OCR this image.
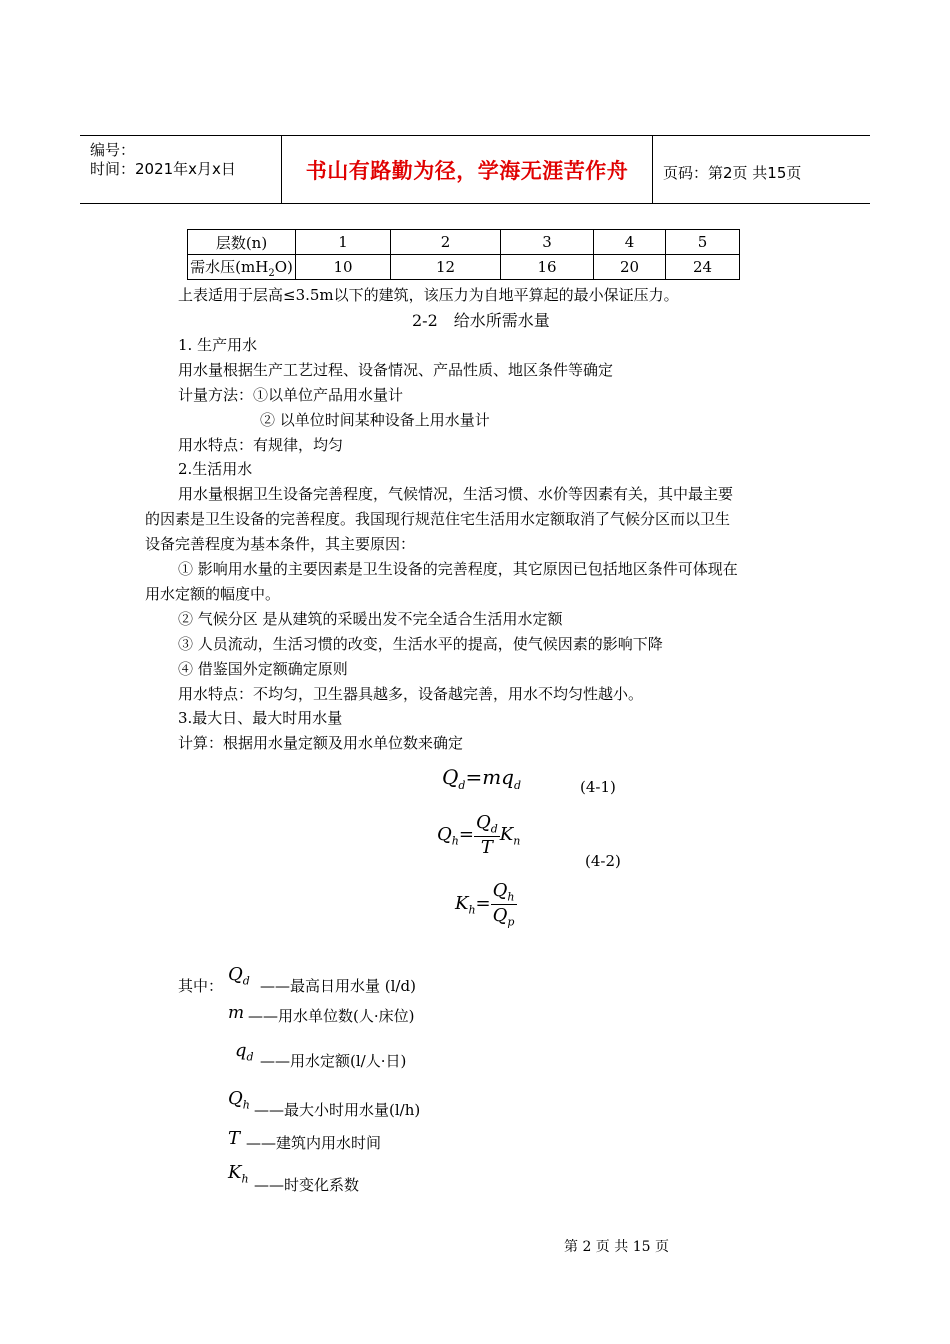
编号：
时间：2021年x月x日	书山有路勤为径，学海无涯苦作舟	页码：第2页 共15页
层数(n)	1	2	3	4	5
需水压$(mH_2O)$	10	12	16	20	24
上表适用于层高≤3.5m以下的建筑，该压力为自地平算起的最小保证压力。
2-2　给水所需水量
1. 生产用水
用水量根据生产工艺过程、设备情况、产品性质、地区条件等确定
计量方法：①以单位产品用水量计
② 以单位时间某种设备上用水量计
用水特点：有规律，均匀
2.生活用水
用水量根据卫生设备完善程度，气候情况，生活习惯、水价等因素有关，其中最主要
的因素是卫生设备的完善程度。我国现行规范住宅生活用水定额取消了气候分区而以卫生
设备完善程度为基本条件，其主要原因：
① 影响用水量的主要因素是卫生设备的完善程度，其它原因已包括地区条件可体现在
用水定额的幅度中。
② 气候分区 是从建筑的采暖出发不完全适合生活用水定额
③ 人员流动，生活习惯的改变，生活水平的提高，使气候因素的影响下降
④ 借鉴国外定额确定原则
用水特点：不均匀，卫生器具越多，设备越完善，用水不均匀性越小。
3.最大日、最大时用水量
计算：根据用水量定额及用水单位数来确定
$Q_d=mq_d$	(4-1)
$Q_h= \frac{Q_d}{T} K_n$
(4-2)
$K_h= \frac{Q_h}{Q_p}$
其中：
$Q_d$ ——最高日用水量 (l/d)
m ——用水单位数(人·床位)
$q_d$ ——用水定额(l/人·日)
$Q_h$ ——最大小时用水量(l/h)
T ——建筑内用水时间
$K_h$ ——时变化系数
第 2 页 共 15 页
